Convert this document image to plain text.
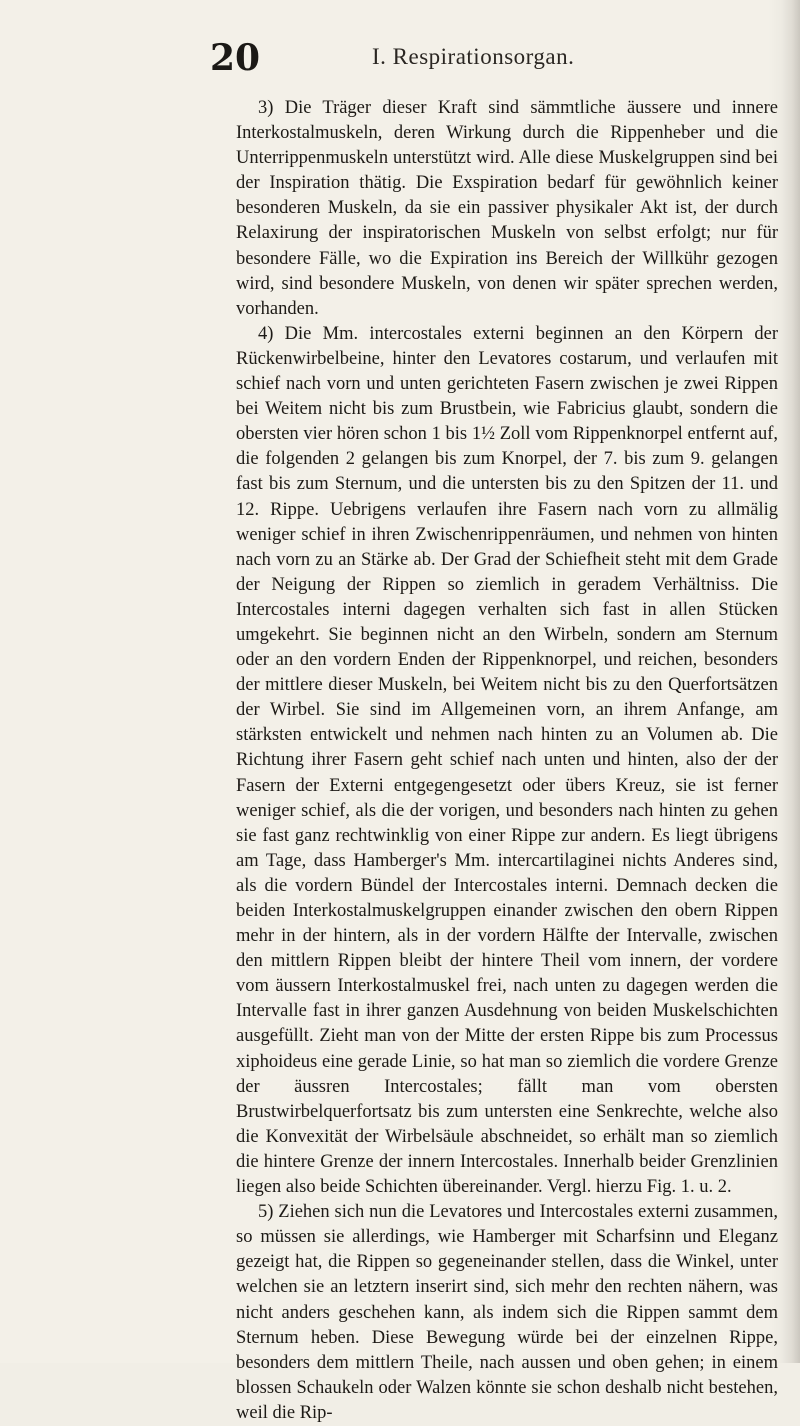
20	I. Respirationsorgan.

3) Die Träger dieser Kraft sind sämmtliche äussere und innere Interkostalmuskeln, deren Wirkung durch die Rippenheber und die Unterrippenmuskeln unterstützt wird. Alle diese Muskelgruppen sind bei der Inspiration thätig. Die Exspiration bedarf für gewöhnlich keiner besonderen Muskeln, da sie ein passiver physikaler Akt ist, der durch Relaxirung der inspiratorischen Muskeln von selbst erfolgt; nur für besondere Fälle, wo die Expiration ins Bereich der Willkühr gezogen wird, sind besondere Muskeln, von denen wir später sprechen werden, vorhanden.

4) Die Mm. intercostales externi beginnen an den Körpern der Rückenwirbelbeine, hinter den Levatores costarum, und verlaufen mit schief nach vorn und unten gerichteten Fasern zwischen je zwei Rippen bei Weitem nicht bis zum Brustbein, wie Fabricius glaubt, sondern die obersten vier hören schon 1 bis 1½ Zoll vom Rippenknorpel entfernt auf, die folgenden 2 gelangen bis zum Knorpel, der 7. bis zum 9. gelangen fast bis zum Sternum, und die untersten bis zu den Spitzen der 11. und 12. Rippe. Uebrigens verlaufen ihre Fasern nach vorn zu allmälig weniger schief in ihren Zwischenrippenräumen, und nehmen von hinten nach vorn zu an Stärke ab. Der Grad der Schiefheit steht mit dem Grade der Neigung der Rippen so ziemlich in geradem Verhältniss. Die Intercostales interni dagegen verhalten sich fast in allen Stücken umgekehrt. Sie beginnen nicht an den Wirbeln, sondern am Sternum oder an den vordern Enden der Rippenknorpel, und reichen, besonders der mittlere dieser Muskeln, bei Weitem nicht bis zu den Querfortsätzen der Wirbel. Sie sind im Allgemeinen vorn, an ihrem Anfange, am stärksten entwickelt und nehmen nach hinten zu an Volumen ab. Die Richtung ihrer Fasern geht schief nach unten und hinten, also der der Fasern der Externi entgegengesetzt oder übers Kreuz, sie ist ferner weniger schief, als die der vorigen, und besonders nach hinten zu gehen sie fast ganz rechtwinklig von einer Rippe zur andern. Es liegt übrigens am Tage, dass Hamberger's Mm. intercartilaginei nichts Anderes sind, als die vordern Bündel der Intercostales interni. Demnach decken die beiden Interkostalmuskelgruppen einander zwischen den obern Rippen mehr in der hintern, als in der vordern Hälfte der Intervalle, zwischen den mittlern Rippen bleibt der hintere Theil vom innern, der vordere vom äussern Interkostalmuskel frei, nach unten zu dagegen werden die Intervalle fast in ihrer ganzen Ausdehnung von beiden Muskelschichten ausgefüllt. Zieht man von der Mitte der ersten Rippe bis zum Processus xiphoideus eine gerade Linie, so hat man so ziemlich die vordere Grenze der äussren Intercostales; fällt man vom obersten Brustwirbelquerfortsatz bis zum untersten eine Senkrechte, welche also die Konvexität der Wirbelsäule abschneidet, so erhält man so ziemlich die hintere Grenze der innern Intercostales. Innerhalb beider Grenzlinien liegen also beide Schichten übereinander. Vergl. hierzu Fig. 1. u. 2.

5) Ziehen sich nun die Levatores und Intercostales externi zusammen, so müssen sie allerdings, wie Hamberger mit Scharfsinn und Eleganz gezeigt hat, die Rippen so gegeneinander stellen, dass die Winkel, unter welchen sie an letztern inserirt sind, sich mehr den rechten nähern, was nicht anders geschehen kann, als indem sich die Rippen sammt dem Sternum heben. Diese Bewegung würde bei der einzelnen Rippe, besonders dem mittlern Theile, nach aussen und oben gehen; in einem blossen Schaukeln oder Walzen könnte sie schon deshalb nicht bestehen, weil die Rip-
